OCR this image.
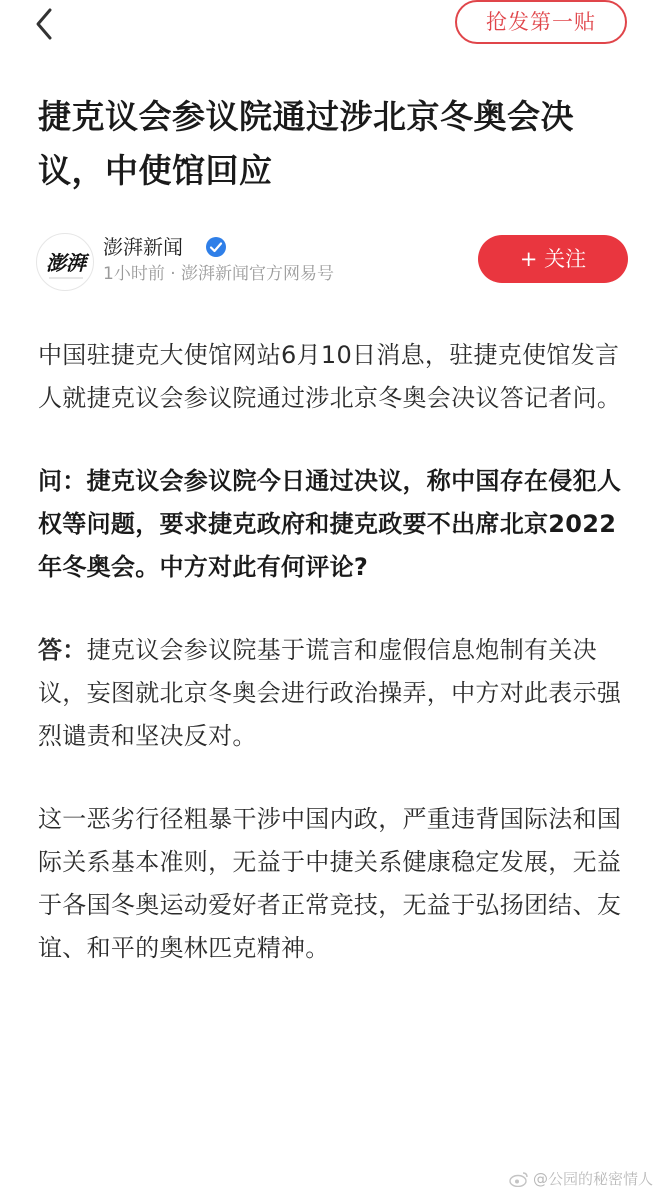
抢发第一贴
捷克议会参议院通过涉北京冬奥会决议，中使馆回应
澎湃
澎湃新闻
1小时前 · 澎湃新闻官方网易号
+ 关注

中国驻捷克大使馆网站6月10日消息，驻捷克使馆发言人就捷克议会参议院通过涉北京冬奥会决议答记者问。

问：捷克议会参议院今日通过决议，称中国存在侵犯人权等问题，要求捷克政府和捷克政要不出席北京2022年冬奥会。中方对此有何评论?

答：捷克议会参议院基于谎言和虚假信息炮制有关决议，妄图就北京冬奥会进行政治操弄，中方对此表示强烈谴责和坚决反对。

这一恶劣行径粗暴干涉中国内政，严重违背国际法和国际关系基本准则，无益于中捷关系健康稳定发展，无益于各国冬奥运动爱好者正常竞技，无益于弘扬团结、友谊、和平的奥林匹克精神。

@公园的秘密情人
